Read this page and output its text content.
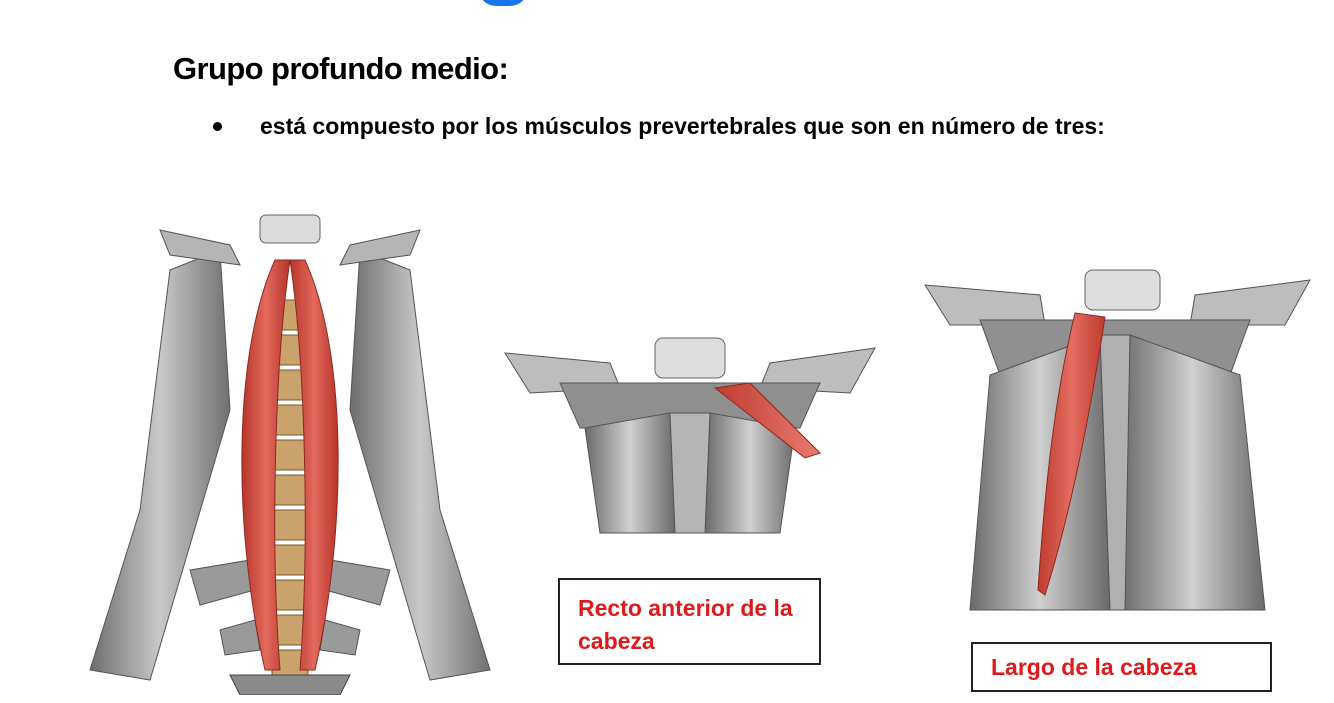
Grupo profundo medio:

está compuesto por los músculos prevertebrales que son en número de tres:

Recto anterior de la cabeza
Largo de la cabeza
